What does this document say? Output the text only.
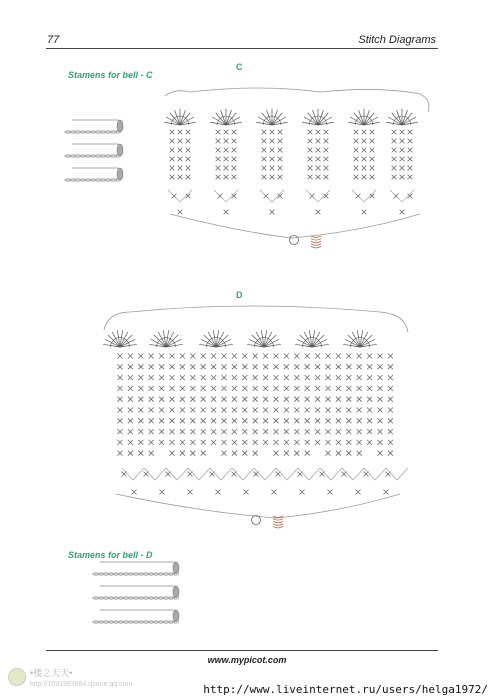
77	Stitch Diagrams
Stamens for bell - C
C
D
Stamens for bell - D
www.mypicot.com
•楼之天天•
http://1091983984.qzone.qq.com	http://www.liveinternet.ru/users/helga1972/
